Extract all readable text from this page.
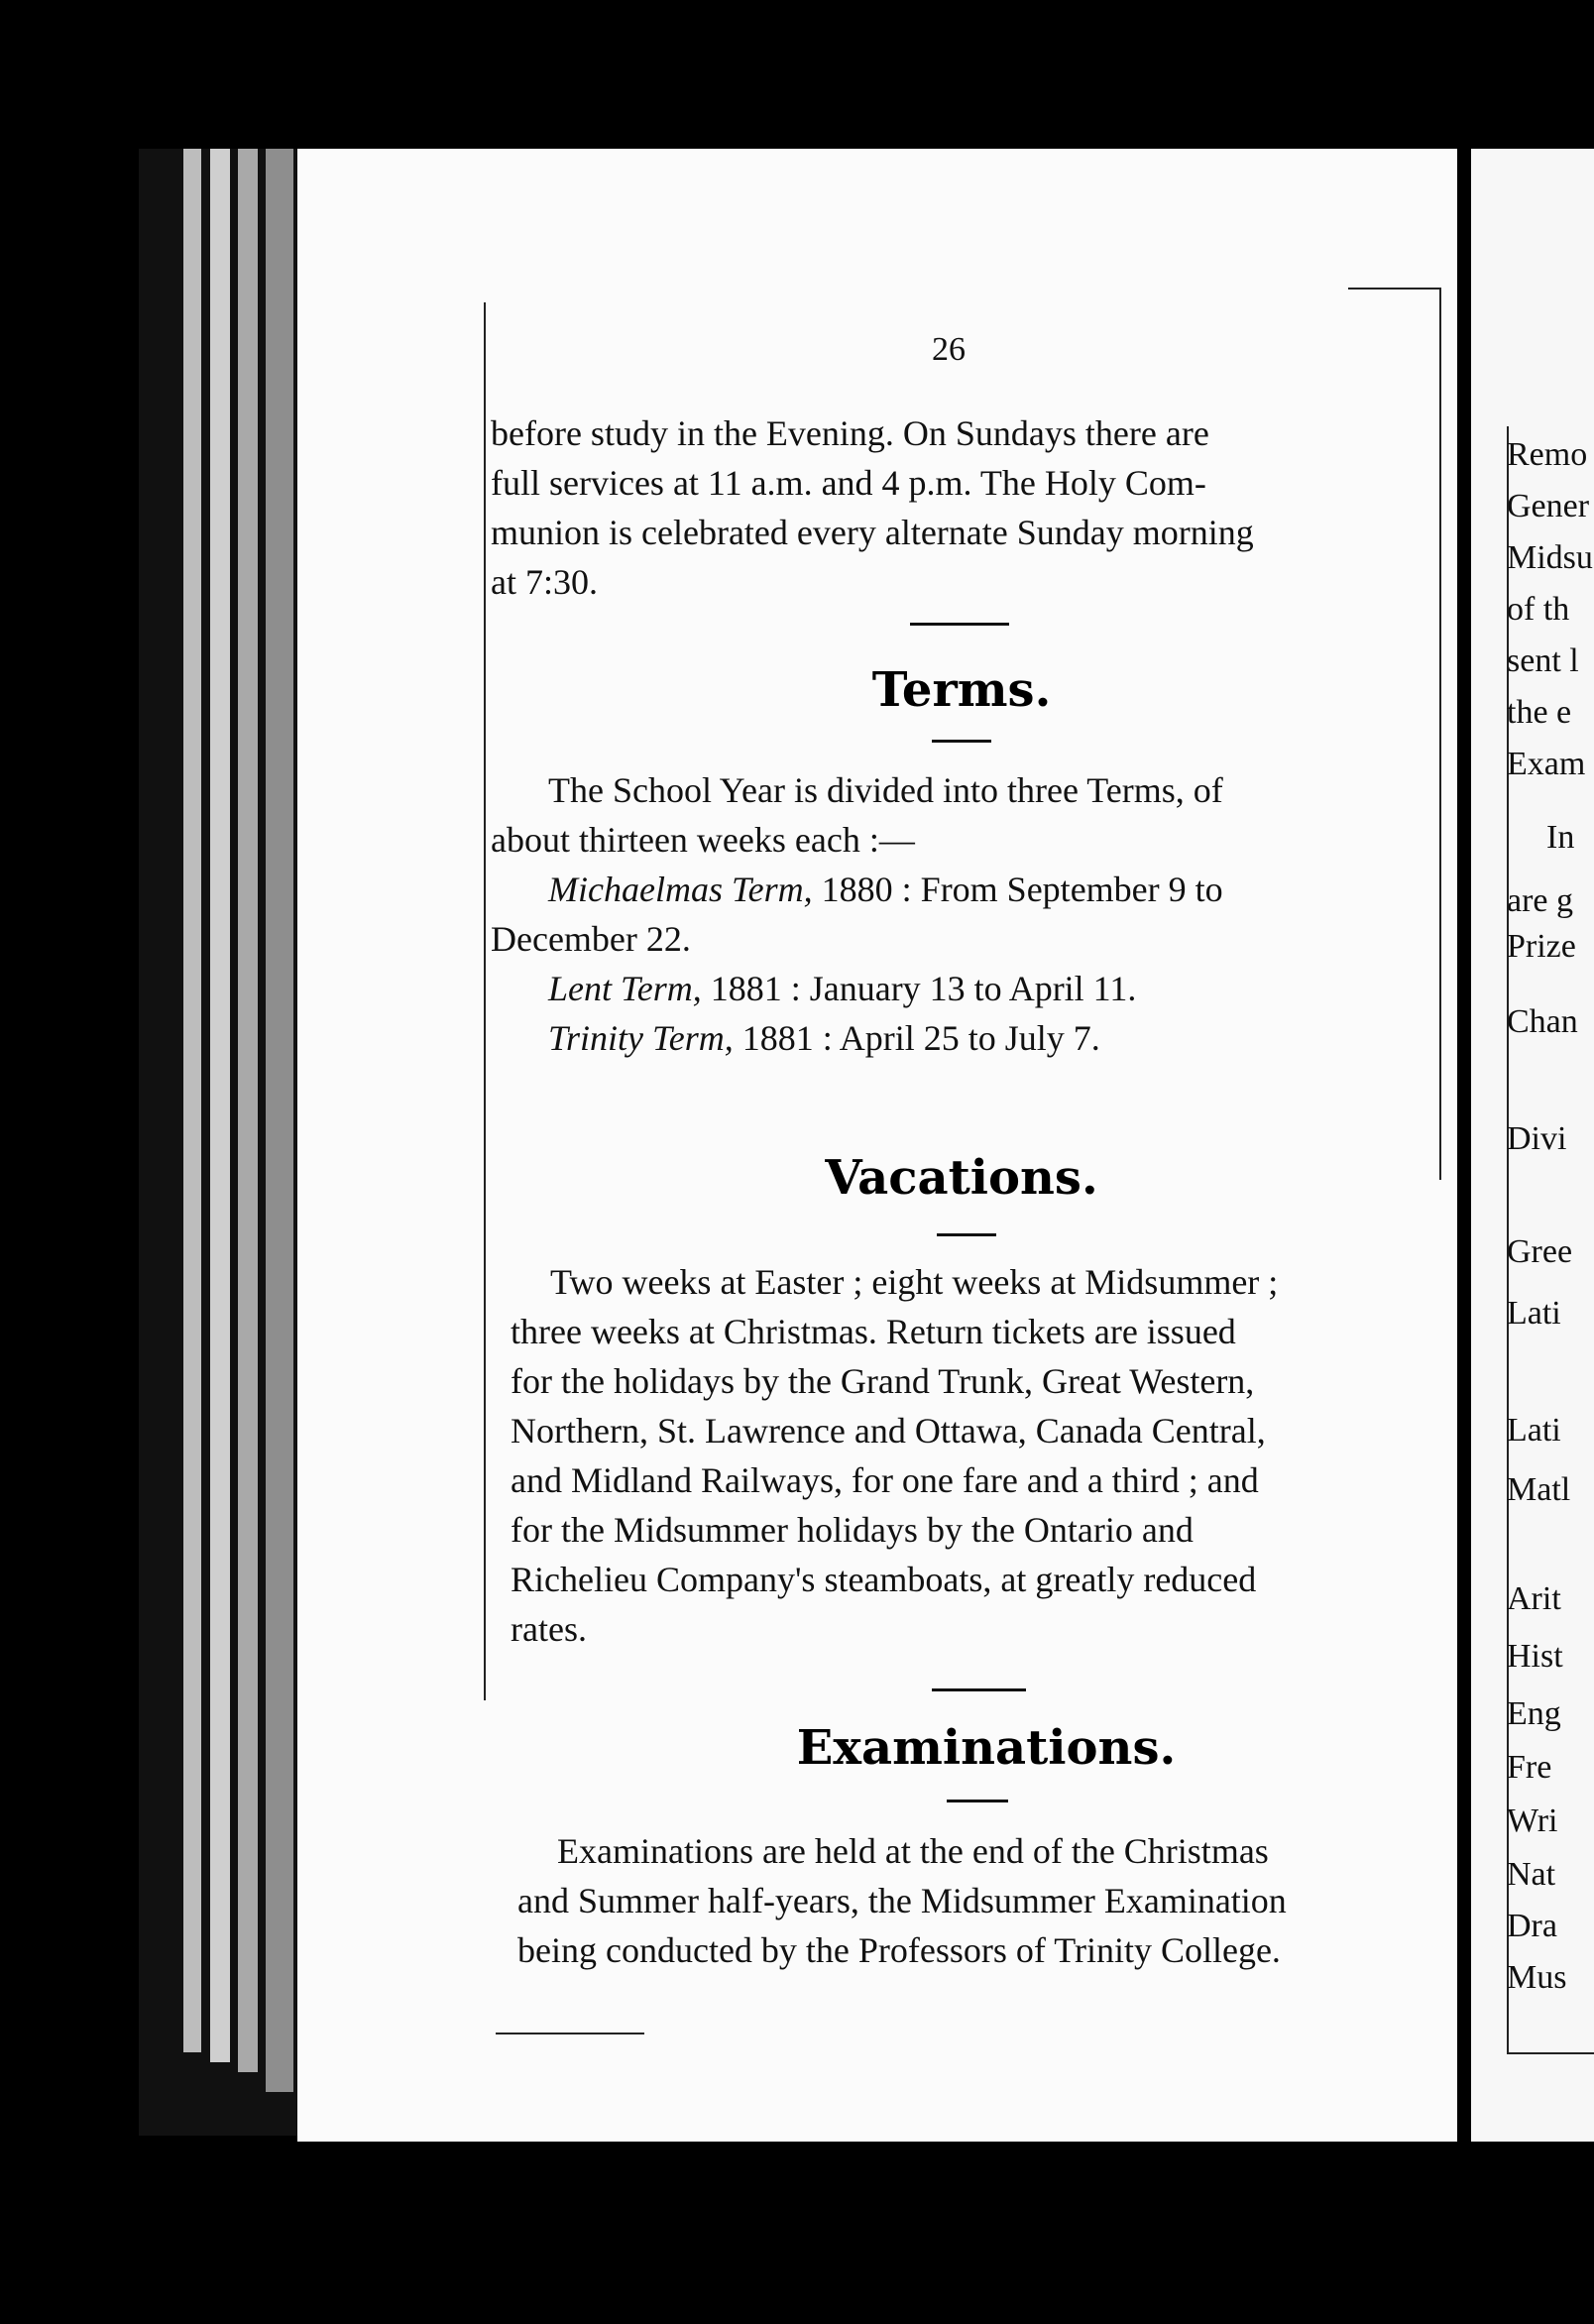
26

before study in the Evening. On Sundays there are

full services at 11 a.m. and 4 p.m. The Holy Com-

munion is celebrated every alternate Sunday morning

at 7:30.

Terms.

The School Year is divided into three Terms, of

about thirteen weeks each :—

Michaelmas Term, 1880 : From September 9 to

December 22.

Lent Term, 1881 : January 13 to April 11.

Trinity Term, 1881 : April 25 to July 7.

Vacations.

Two weeks at Easter ; eight weeks at Midsummer ;

three weeks at Christmas. Return tickets are issued

for the holidays by the Grand Trunk, Great Western,

Northern, St. Lawrence and Ottawa, Canada Central,

and Midland Railways, for one fare and a third ; and

for the Midsummer holidays by the Ontario and

Richelieu Company's steamboats, at greatly reduced

rates.

Examinations.

Examinations are held at the end of the Christmas

and Summer half-years, the Midsummer Examination

being conducted by the Professors of Trinity College.

Remo
Gener
Midsu
of th
sent l
the e
Exam
In
are g
Prize
Chan
Divi
Gree
Lati
Lati
Matl
Arit
Hist
Eng
Fre
Wri
Nat
Dra
Mus
